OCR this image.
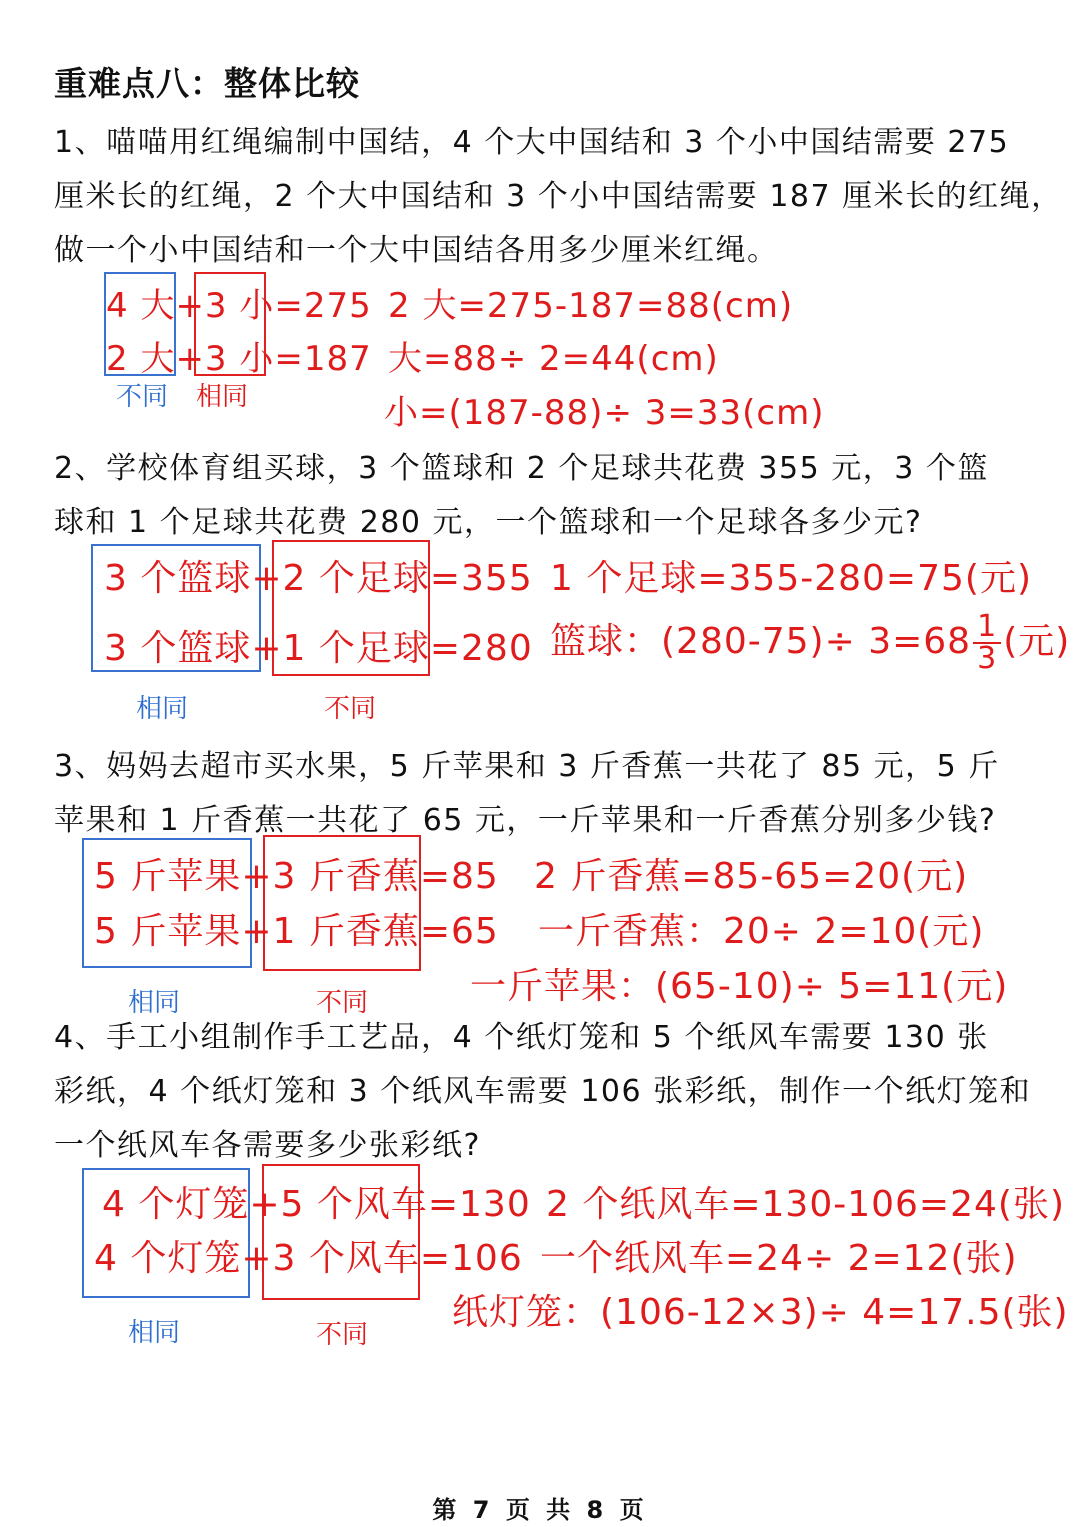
重难点八：整体比较
1、喵喵用红绳编制中国结，4 个大中国结和 3 个小中国结需要 275
厘米长的红绳，2 个大中国结和 3 个小中国结需要 187 厘米长的红绳，
做一个小中国结和一个大中国结各用多少厘米红绳。
4 大+3 小=275
2 大+3 小=187
不同 相同
2 大=275-187=88(cm)
大=88÷ 2=44(cm)
小=(187-88)÷ 3=33(cm)
2、学校体育组买球，3 个篮球和 2 个足球共花费 355 元，3 个篮
球和 1 个足球共花费 280 元，一个篮球和一个足球各多少元?
3 个篮球+2 个足球=355
3 个篮球+1 个足球=280
相同	不同
1 个足球=355-280=75(元)
篮球：$(280-75)\div 3=68 \frac{1}{3}$ (元)
3、妈妈去超市买水果，5 斤苹果和 3 斤香蕉一共花了 85 元，5 斤
苹果和 1 斤香蕉一共花了 65 元，一斤苹果和一斤香蕉分别多少钱?
5 斤苹果+3 斤香蕉=85
5 斤苹果+1 斤香蕉=65
相同	不同
2 斤香蕉=85-65=20(元)
一斤香蕉：20÷ 2=10(元)
一斤苹果：(65-10)÷ 5=11(元)
4、手工小组制作手工艺品，4 个纸灯笼和 5 个纸风车需要 130 张
彩纸，4 个纸灯笼和 3 个纸风车需要 106 张彩纸，制作一个纸灯笼和
一个纸风车各需要多少张彩纸?
4 个灯笼+5 个风车=130
4 个灯笼+3 个风车=106
相同	不同
2 个纸风车=130-106=24(张)
一个纸风车=24÷ 2=12(张)
纸灯笼：(106-12×3)÷ 4=17.5(张)
第 7 页 共 8 页
